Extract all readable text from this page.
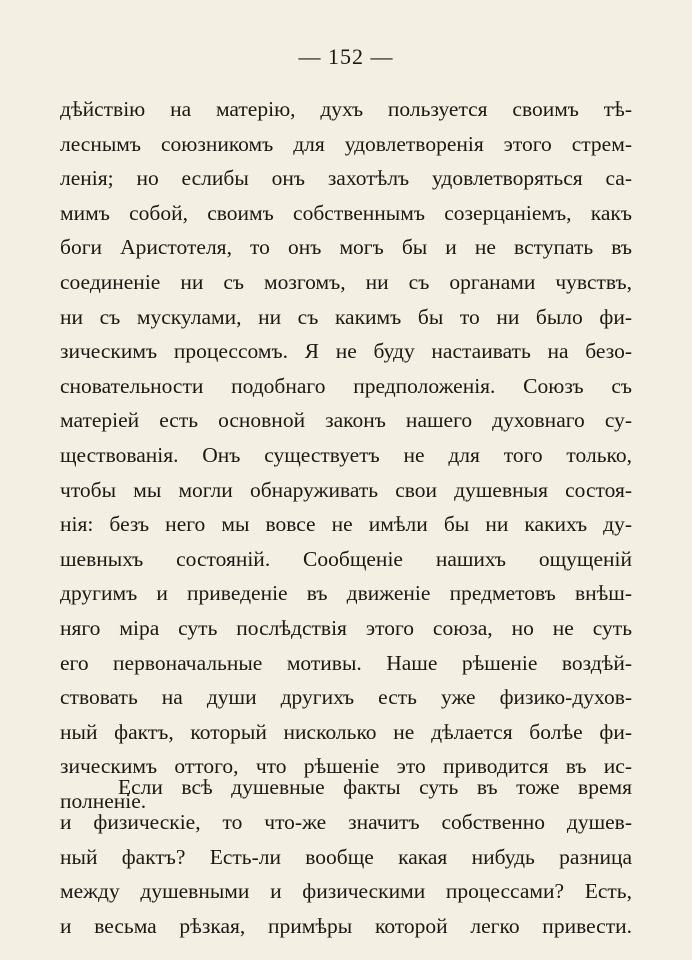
— 152 —
дѣйствію на матерію, духъ пользуется своимъ тѣ-
леснымъ союзникомъ для удовлетворенія этого стрем-
ленія; но еслибы онъ захотѣлъ удовлетворяться са-
мимъ собой, своимъ собственнымъ созерцаніемъ, какъ
боги Аристотеля, то онъ могъ бы и не вступать въ
соединеніе ни съ мозгомъ, ни съ органами чувствъ,
ни съ мускулами, ни съ какимъ бы то ни было фи-
зическимъ процессомъ. Я не буду настаивать на безо-
сновательности подобнаго предположенія. Союзъ съ
матеріей есть основной законъ нашего духовнаго су-
ществованія. Онъ существуетъ не для того только,
чтобы мы могли обнаруживать свои душевныя состоя-
нія: безъ него мы вовсе не имѣли бы ни какихъ ду-
шевныхъ состояній. Сообщеніе нашихъ ощущеній
другимъ и приведеніе въ движеніе предметовъ внѣш-
няго міра суть послѣдствія этого союза, но не суть
его первоначальные мотивы. Наше рѣшеніе воздѣй-
ствовать на души другихъ есть уже физико-духов-
ный фактъ, который нисколько не дѣлается болѣе фи-
зическимъ оттого, что рѣшеніе это приводится въ ис-
полненіе.
Если всѣ душевные факты суть въ тоже время
и физическіе, то что-же значитъ собственно душев-
ный фактъ? Есть-ли вообще какая нибудь разница
между душевными и физическими процессами? Есть,
и весьма рѣзкая, примѣры которой легко привести.
